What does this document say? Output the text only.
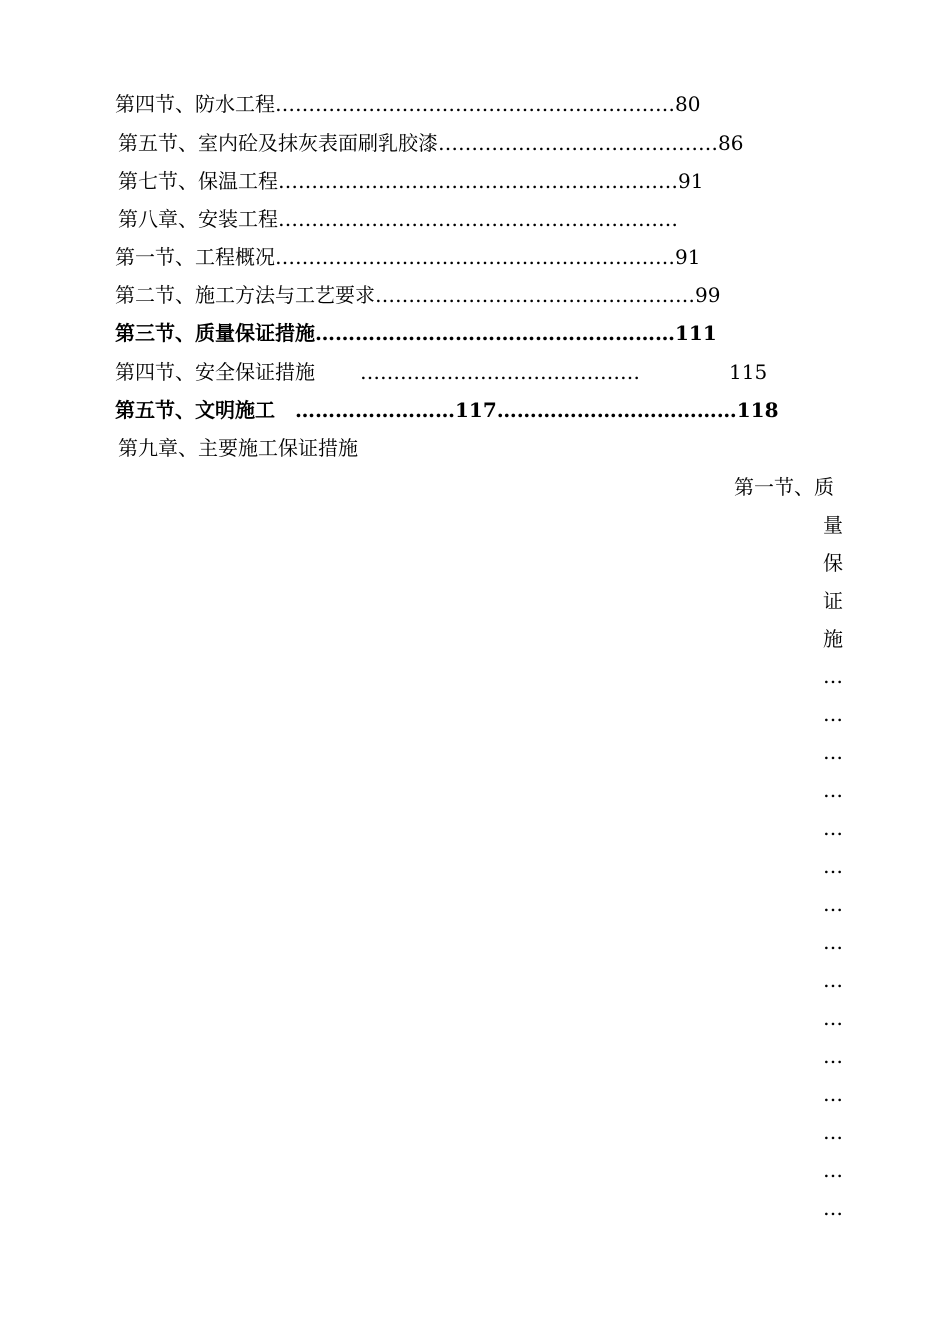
第四节、防水工程……………………………………………………80
第五节、室内砼及抹灰表面刷乳胶漆……………………………………86
第七节、保温工程……………………………………………………91
第八章、安装工程……………………………………………………
第一节、工程概况……………………………………………………91
第二节、施工方法与工艺要求…………………………………………99
第三节、质量保证措施………………………………………………111
第四节、安全保证措施 ……………………………………	115
第五节、文明施工　……………………117………………………………118
第九章、主要施工保证措施
第一节、质
量
保
证
施
…
…
…
…
…
…
…
…
…
…
…
…
…
…
…
